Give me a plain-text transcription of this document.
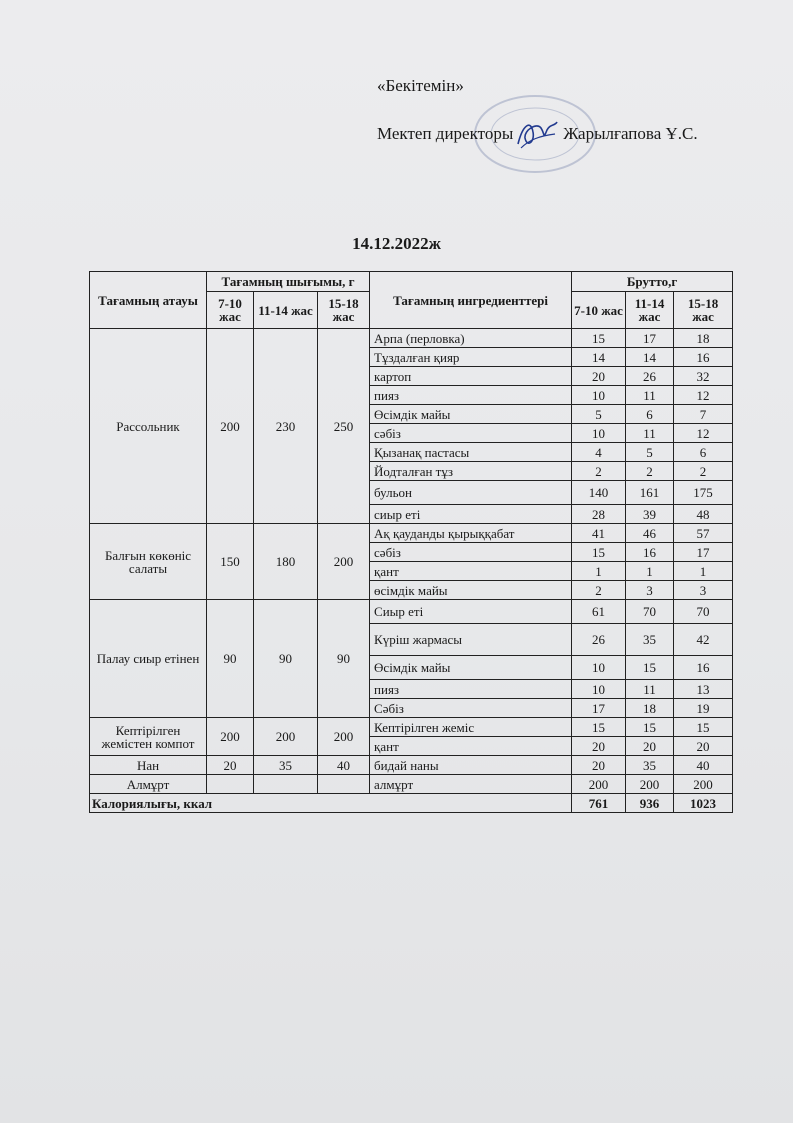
«Бекітемін»
Мектеп директоры	Жарылғапова Ұ.С.
14.12.2022ж
Тағамның атауы	Тағамның шығымы, г			Тағамның ингредиенттері	Брутто,г		
	7-10 жас	11-14 жас	15-18 жас		7-10 жас	11-14 жас	15-18 жас
Рассольник	200	230	250	Арпа (перловка)	15	17	18
				Тұздалған қияр	14	14	16
				картоп	20	26	32
				пияз	10	11	12
				Өсімдік майы	5	6	7
				сәбіз	10	11	12
				Қызанақ пастасы	4	5	6
				Йодталған тұз	2	2	2
				бульон	140	161	175
				сиыр еті	28	39	48
Балғын көкөніс салаты	150	180	200	Ақ қауданды қырыққабат	41	46	57
				сәбіз	15	16	17
				қант	1	1	1
				өсімдік майы	2	3	3
Палау сиыр етінен	90	90	90	Сиыр еті	61	70	70
				Күріш жармасы	26	35	42
				Өсімдік майы	10	15	16
				пияз	10	11	13
				Сәбіз	17	18	19
Кептірілген жемістен компот	200	200	200	Кептірілген жеміс	15	15	15
				қант	20	20	20
Нан	20	35	40	бидай наны	20	35	40
Алмұрт				алмұрт	200	200	200
Калориялығы, ккал					761	936	1023
